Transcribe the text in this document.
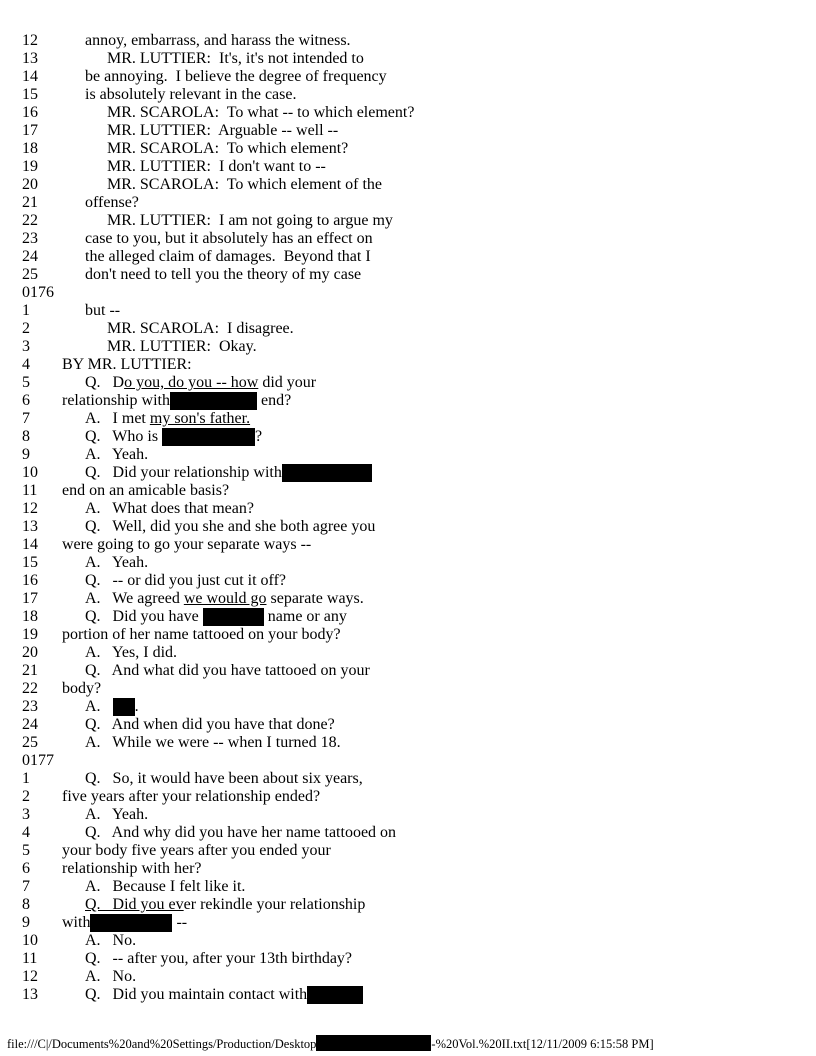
12	annoy, embarrass, and harass the witness.
13	MR. LUTTIER:  It's, it's not intended to
14	be annoying.  I believe the degree of frequency
15	is absolutely relevant in the case.
16	MR. SCAROLA:  To what -- to which element?
17	MR. LUTTIER:  Arguable -- well --
18	MR. SCAROLA:  To which element?
19	MR. LUTTIER:  I don't want to --
20	MR. SCAROLA:  To which element of the
21	offense?
22	MR. LUTTIER:  I am not going to argue my
23	case to you, but it absolutely has an effect on
24	the alleged claim of damages.  Beyond that I
25	don't need to tell you the theory of my case
0176
1	but --
2	MR. SCAROLA:  I disagree.
3	MR. LUTTIER:  Okay.
4	BY MR. LUTTIER:
5	Q.   Do you, do you -- how did your
6	relationship with	end?
7	A.   I met my son's father.
8	Q.   Who is	?
9	A.   Yeah.
10	Q.   Did your relationship with
11	end on an amicable basis?
12	A.   What does that mean?
13	Q.   Well, did you she and she both agree you
14	were going to go your separate ways --
15	A.   Yeah.
16	Q.   -- or did you just cut it off?
17	A.   We agreed we would go separate ways.
18	Q.   Did you have	name or any
19	portion of her name tattooed on your body?
20	A.   Yes, I did.
21	Q.   And what did you have tattooed on your
22	body?
23	A.   .
24	Q.   And when did you have that done?
25	A.   While we were -- when I turned 18.
0177
1	Q.   So, it would have been about six years,
2	five years after your relationship ended?
3	A.   Yeah.
4	Q.   And why did you have her name tattooed on
5	your body five years after you ended your
6	relationship with her?
7	A.   Because I felt like it.
8	Q.   Did you ever rekindle your relationship
9	with	--
10	A.   No.
11	Q.   -- after you, after your 13th birthday?
12	A.   No.
13	Q.   Did you maintain contact with
file:///C|/Documents%20and%20Settings/Production/Desktop	-%20Vol.%20II.txt[12/11/2009 6:15:58 PM]
